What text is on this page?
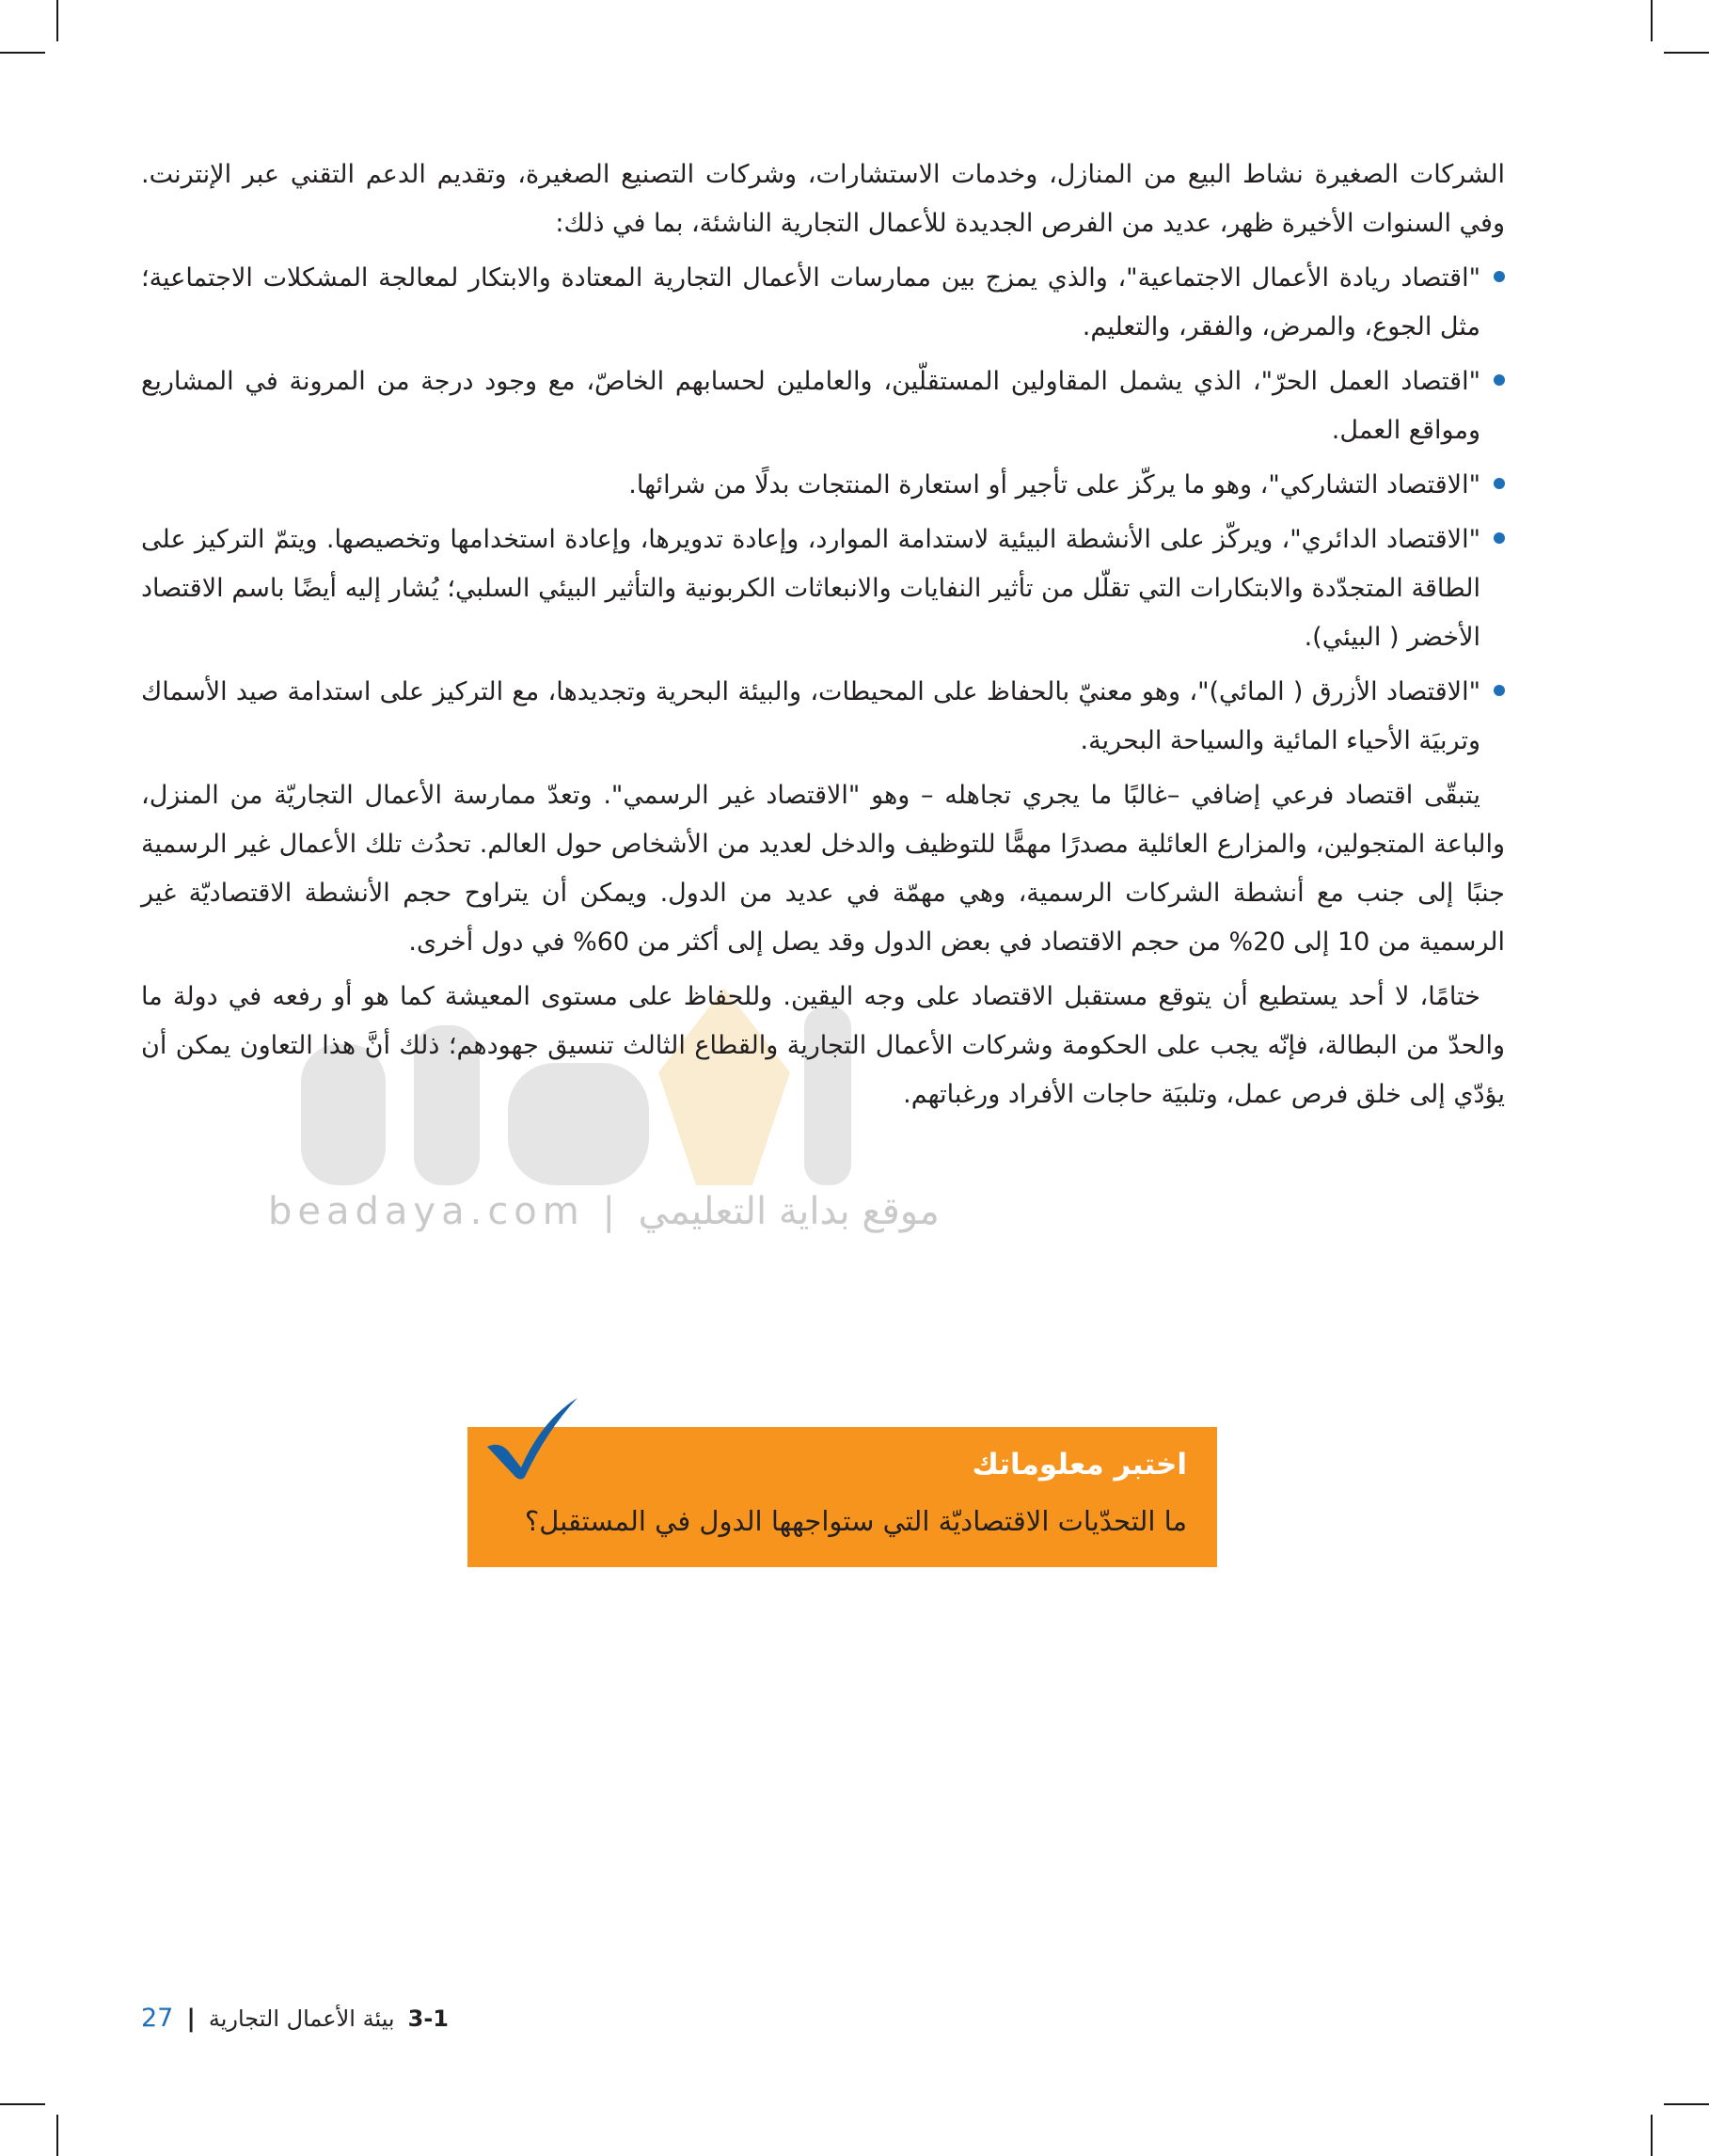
الشركات الصغيرة نشاط البيع من المنازل، وخدمات الاستشارات، وشركات التصنيع الصغيرة، وتقديم الدعم التقني عبر الإنترنت. وفي السنوات الأخيرة ظهر، عديد من الفرص الجديدة للأعمال التجارية الناشئة، بما في ذلك:

"اقتصاد ريادة الأعمال الاجتماعية"، والذي يمزج بين ممارسات الأعمال التجارية المعتادة والابتكار لمعالجة المشكلات الاجتماعية؛ مثل الجوع، والمرض، والفقر، والتعليم.
"اقتصاد العمل الحرّ"، الذي يشمل المقاولين المستقلّين، والعاملين لحسابهم الخاصّ، مع وجود درجة من المرونة في المشاريع ومواقع العمل.
"الاقتصاد التشاركي"، وهو ما يركّز على تأجير أو استعارة المنتجات بدلًا من شرائها.
"الاقتصاد الدائري"، ويركّز على الأنشطة البيئية لاستدامة الموارد، وإعادة تدويرها، وإعادة استخدامها وتخصيصها. ويتمّ التركيز على الطاقة المتجدّدة والابتكارات التي تقلّل من تأثير النفايات والانبعاثات الكربونية والتأثير البيئي السلبي؛ يُشار إليه أيضًا باسم الاقتصاد الأخضر ( البيئي).
"الاقتصاد الأزرق ( المائي)"، وهو معنيّ بالحفاظ على المحيطات، والبيئة البحرية وتجديدها، مع التركيز على استدامة صيد الأسماك وتربيَة الأحياء المائية والسياحة البحرية.

يتبقّى اقتصاد فرعي إضافي –غالبًا ما يجري تجاهله – وهو "الاقتصاد غير الرسمي". وتعدّ ممارسة الأعمال التجاريّة من المنزل، والباعة المتجولين، والمزارع العائلية مصدرًا مهمًّا للتوظيف والدخل لعديد من الأشخاص حول العالم. تحدُث تلك الأعمال غير الرسمية جنبًا إلى جنب مع أنشطة الشركات الرسمية، وهي مهمّة في عديد من الدول. ويمكن أن يتراوح حجم الأنشطة الاقتصاديّة غير الرسمية من 10 إلى 20% من حجم الاقتصاد في بعض الدول وقد يصل إلى أكثر من 60% في دول أخرى.

ختامًا، لا أحد يستطيع أن يتوقع مستقبل الاقتصاد على وجه اليقين. وللحفاظ على مستوى المعيشة كما هو أو رفعه في دولة ما والحدّ من البطالة، فإنّه يجب على الحكومة وشركات الأعمال التجارية والقطاع الثالث تنسيق جهودهم؛ ذلك أنَّ هذا التعاون يمكن أن يؤدّي إلى خلق فرص عمل، وتلبيَة حاجات الأفراد ورغباتهم.

beadaya.com | موقع بداية التعليمي
اختبر معلوماتك
ما التحدّيات الاقتصاديّة التي ستواجهها الدول في المستقبل؟
3-1
بيئة الأعمال التجارية
|
27
